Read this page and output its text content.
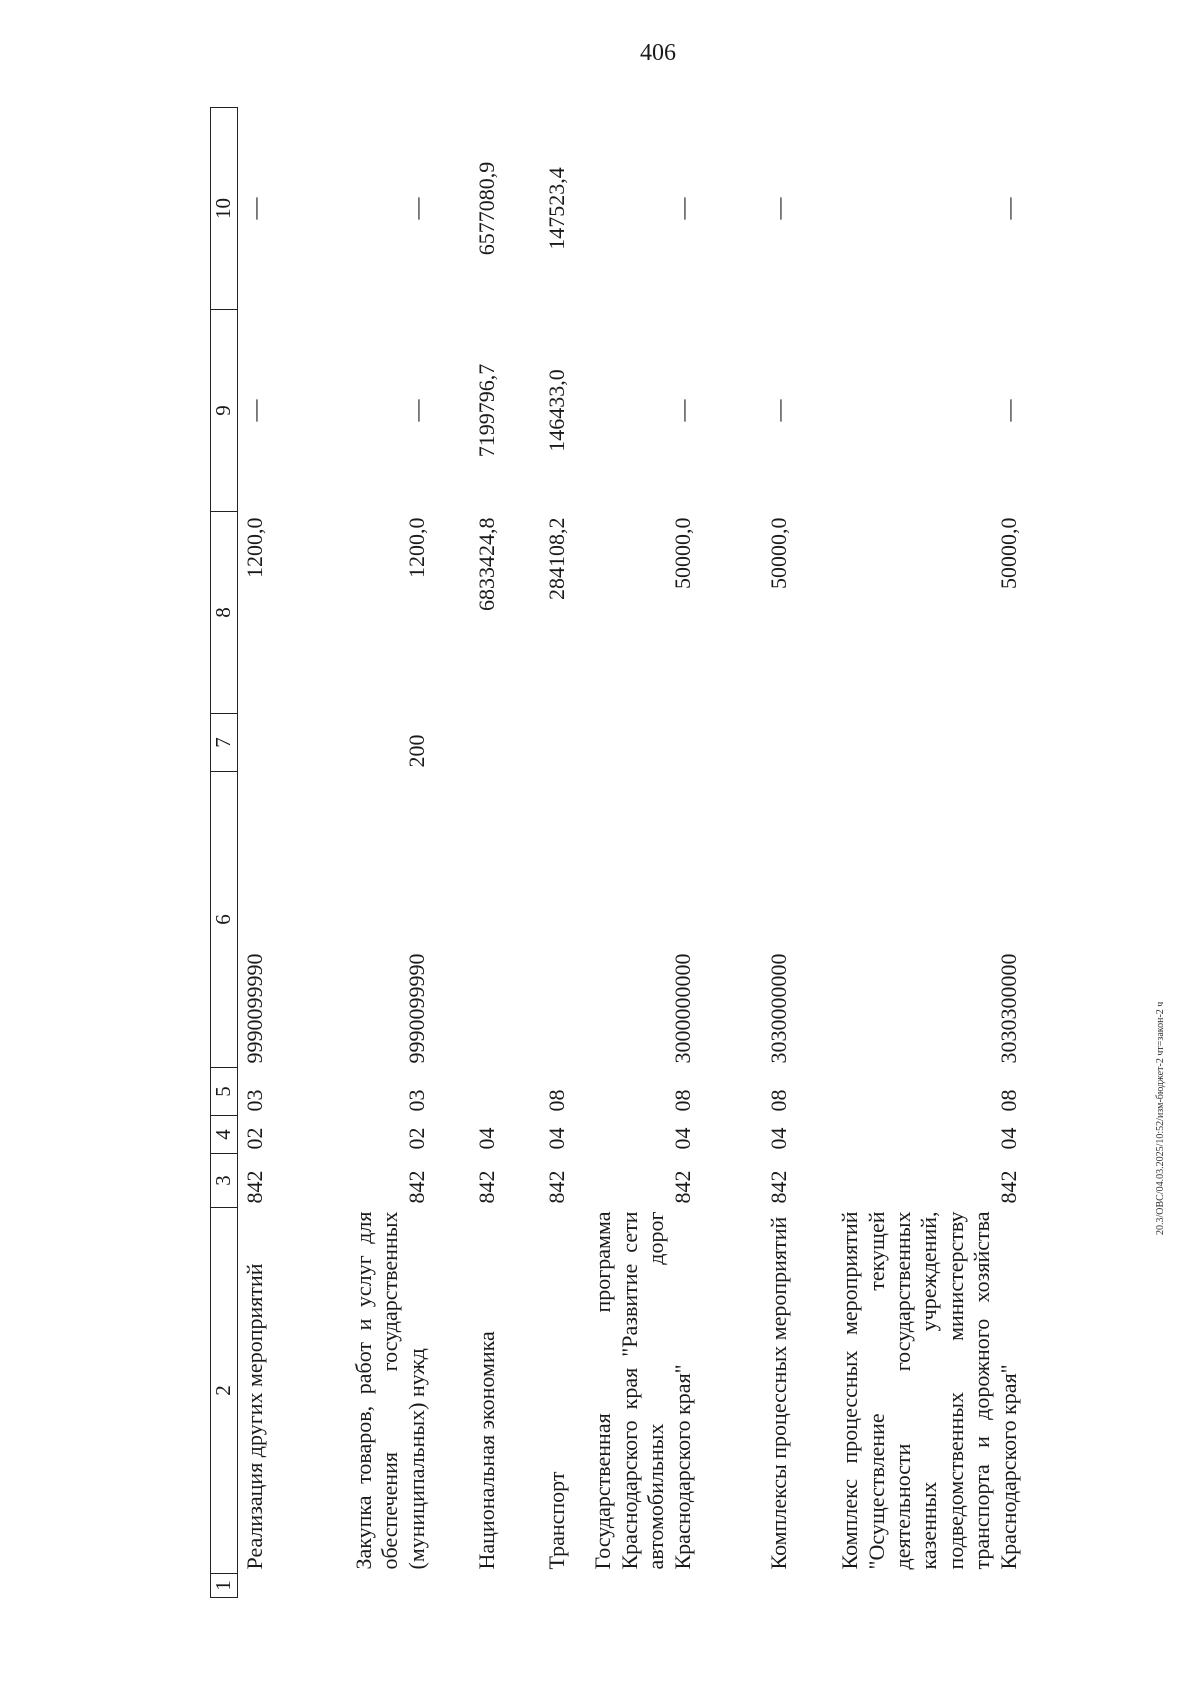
406
20.3/ОВС/04.03.2025/10:52/изм-бюджет-2 чт=закон-2 ч
1	2	3	4	5	6	7	8	9	10
	Реализация других мероприятий	842	02	03	9990099990		1200,0	—	—
	Закупка товаров, работ и услуг для обеспечения государственных (муниципальных) нужд	842	02	03	9990099990	200	1200,0	—	—
	Национальная экономика	842	04				6833424,8	7199796,7	6577080,9
	Транспорт	842	04	08			284108,2	146433,0	147523,4
	Государственная программа Краснодарского края "Развитие сети автомобильных дорог Краснодарского края"	842	04	08	3000000000		50000,0	—	—
	Комплексы процессных мероприятий	842	04	08	3030000000		50000,0	—	—
	Комплекс процессных мероприятий "Осуществление текущей деятельности государственных казенных учреждений, подведомственных министерству транспорта и дорожного хозяйства Краснодарского края"	842	04	08	3030300000		50000,0	—	—
